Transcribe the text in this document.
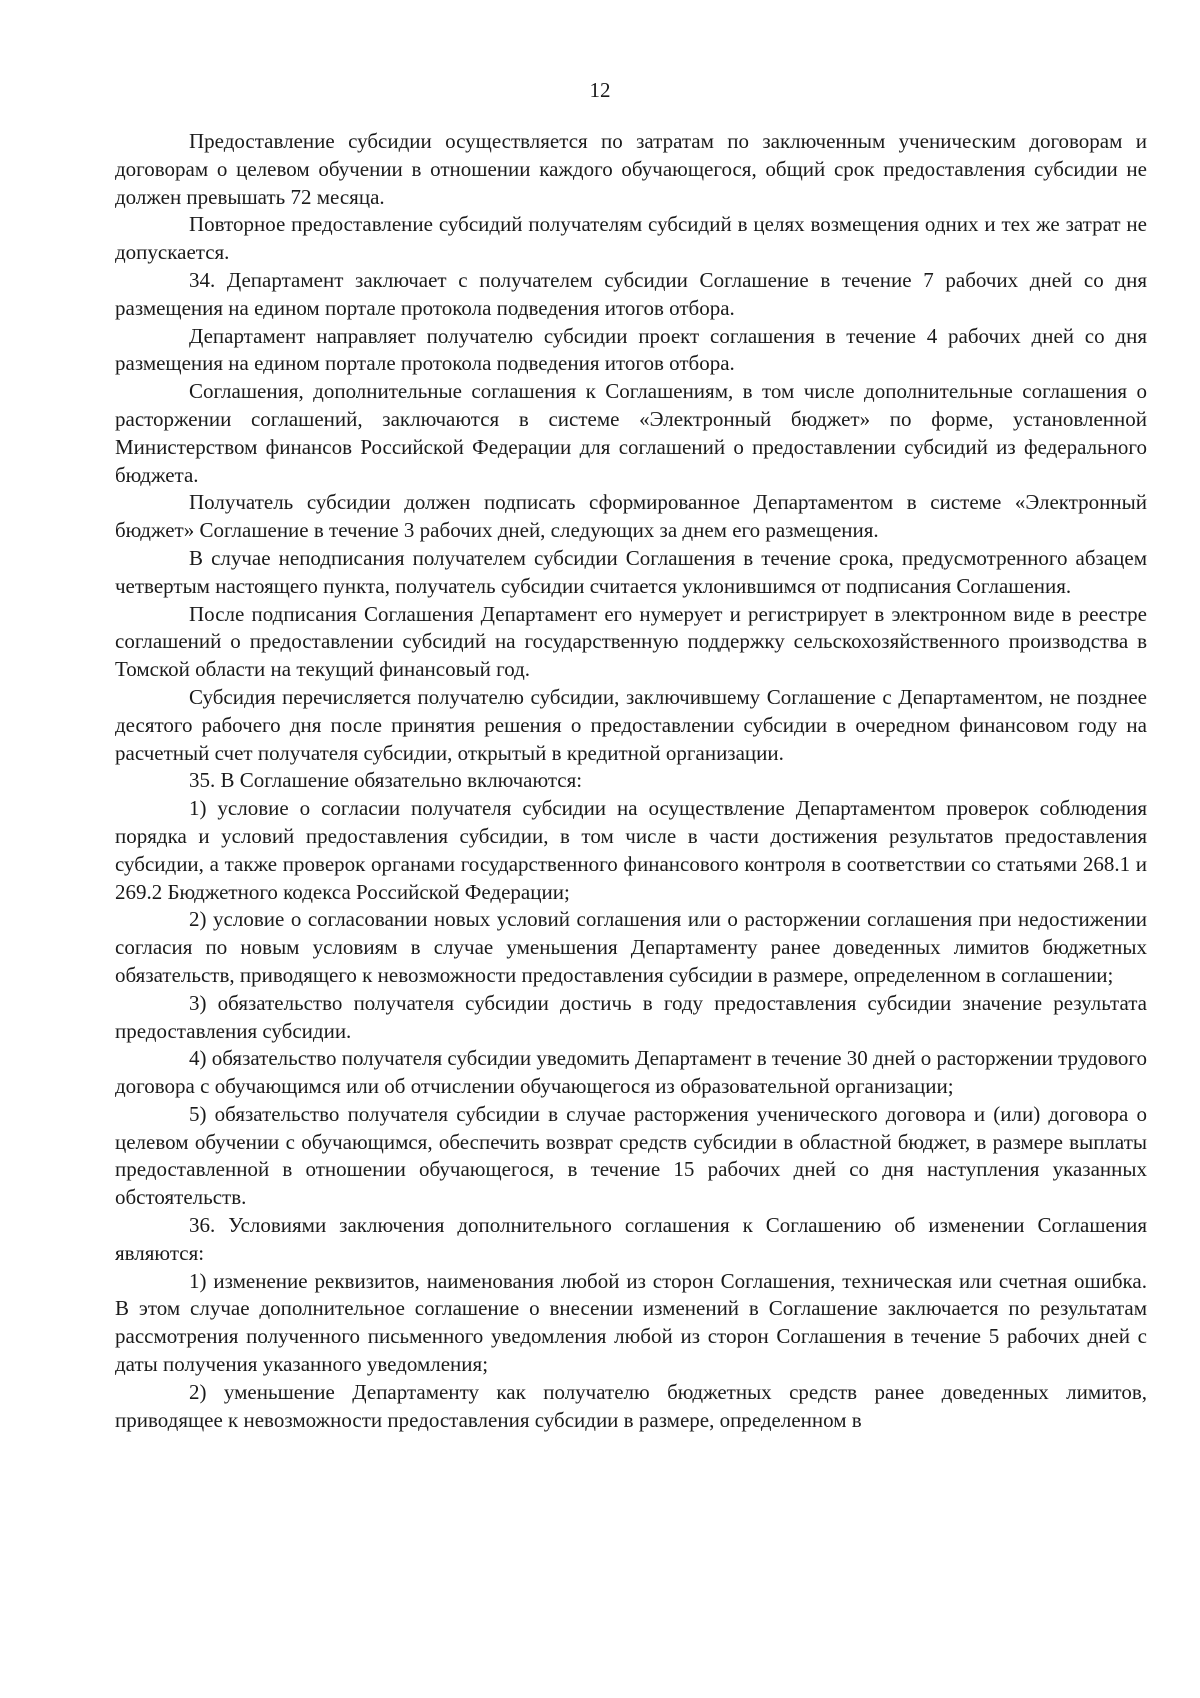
12

Предоставление субсидии осуществляется по затратам по заключенным ученическим договорам и договорам о целевом обучении в отношении каждого обучающегося, общий срок предоставления субсидии не должен превышать 72 месяца.

Повторное предоставление субсидий получателям субсидий в целях возмещения одних и тех же затрат не допускается.

34. Департамент заключает с получателем субсидии Соглашение в течение 7 рабочих дней со дня размещения на едином портале протокола подведения итогов отбора.

Департамент направляет получателю субсидии проект соглашения в течение 4 рабочих дней со дня размещения на едином портале протокола подведения итогов отбора.

Соглашения, дополнительные соглашения к Соглашениям, в том числе дополнительные соглашения о расторжении соглашений, заключаются в системе «Электронный бюджет» по форме, установленной Министерством финансов Российской Федерации для соглашений о предоставлении субсидий из федерального бюджета.

Получатель субсидии должен подписать сформированное Департаментом в системе «Электронный бюджет» Соглашение в течение 3 рабочих дней, следующих за днем его размещения.

В случае неподписания получателем субсидии Соглашения в течение срока, предусмотренного абзацем четвертым настоящего пункта, получатель субсидии считается уклонившимся от подписания Соглашения.

После подписания Соглашения Департамент его нумерует и регистрирует в электронном виде в реестре соглашений о предоставлении субсидий на государственную поддержку сельскохозяйственного производства в Томской области на текущий финансовый год.

Субсидия перечисляется получателю субсидии, заключившему Соглашение с Департаментом, не позднее десятого рабочего дня после принятия решения о предоставлении субсидии в очередном финансовом году на расчетный счет получателя субсидии, открытый в кредитной организации.

35. В Соглашение обязательно включаются:

1) условие о согласии получателя субсидии на осуществление Департаментом проверок соблюдения порядка и условий предоставления субсидии, в том числе в части достижения результатов предоставления субсидии, а также проверок органами государственного финансового контроля в соответствии со статьями 268.1 и 269.2 Бюджетного кодекса Российской Федерации;

2) условие о согласовании новых условий соглашения или о расторжении соглашения при недостижении согласия по новым условиям в случае уменьшения Департаменту ранее доведенных лимитов бюджетных обязательств, приводящего к невозможности предоставления субсидии в размере, определенном в соглашении;

3) обязательство получателя субсидии достичь в году предоставления субсидии значение результата предоставления субсидии.

4) обязательство получателя субсидии уведомить Департамент в течение 30 дней о расторжении трудового договора с обучающимся или об отчислении обучающегося из образовательной организации;

5) обязательство получателя субсидии в случае расторжения ученического договора и (или) договора о целевом обучении с обучающимся, обеспечить возврат средств субсидии в областной бюджет, в размере выплаты предоставленной в отношении обучающегося, в течение 15 рабочих дней со дня наступления указанных обстоятельств.

36. Условиями заключения дополнительного соглашения к Соглашению об изменении Соглашения являются:

1) изменение реквизитов, наименования любой из сторон Соглашения, техническая или счетная ошибка. В этом случае дополнительное соглашение о внесении изменений в Соглашение заключается по результатам рассмотрения полученного письменного уведомления любой из сторон Соглашения в течение 5 рабочих дней с даты получения указанного уведомления;

2) уменьшение Департаменту как получателю бюджетных средств ранее доведенных лимитов, приводящее к невозможности предоставления субсидии в размере, определенном в
